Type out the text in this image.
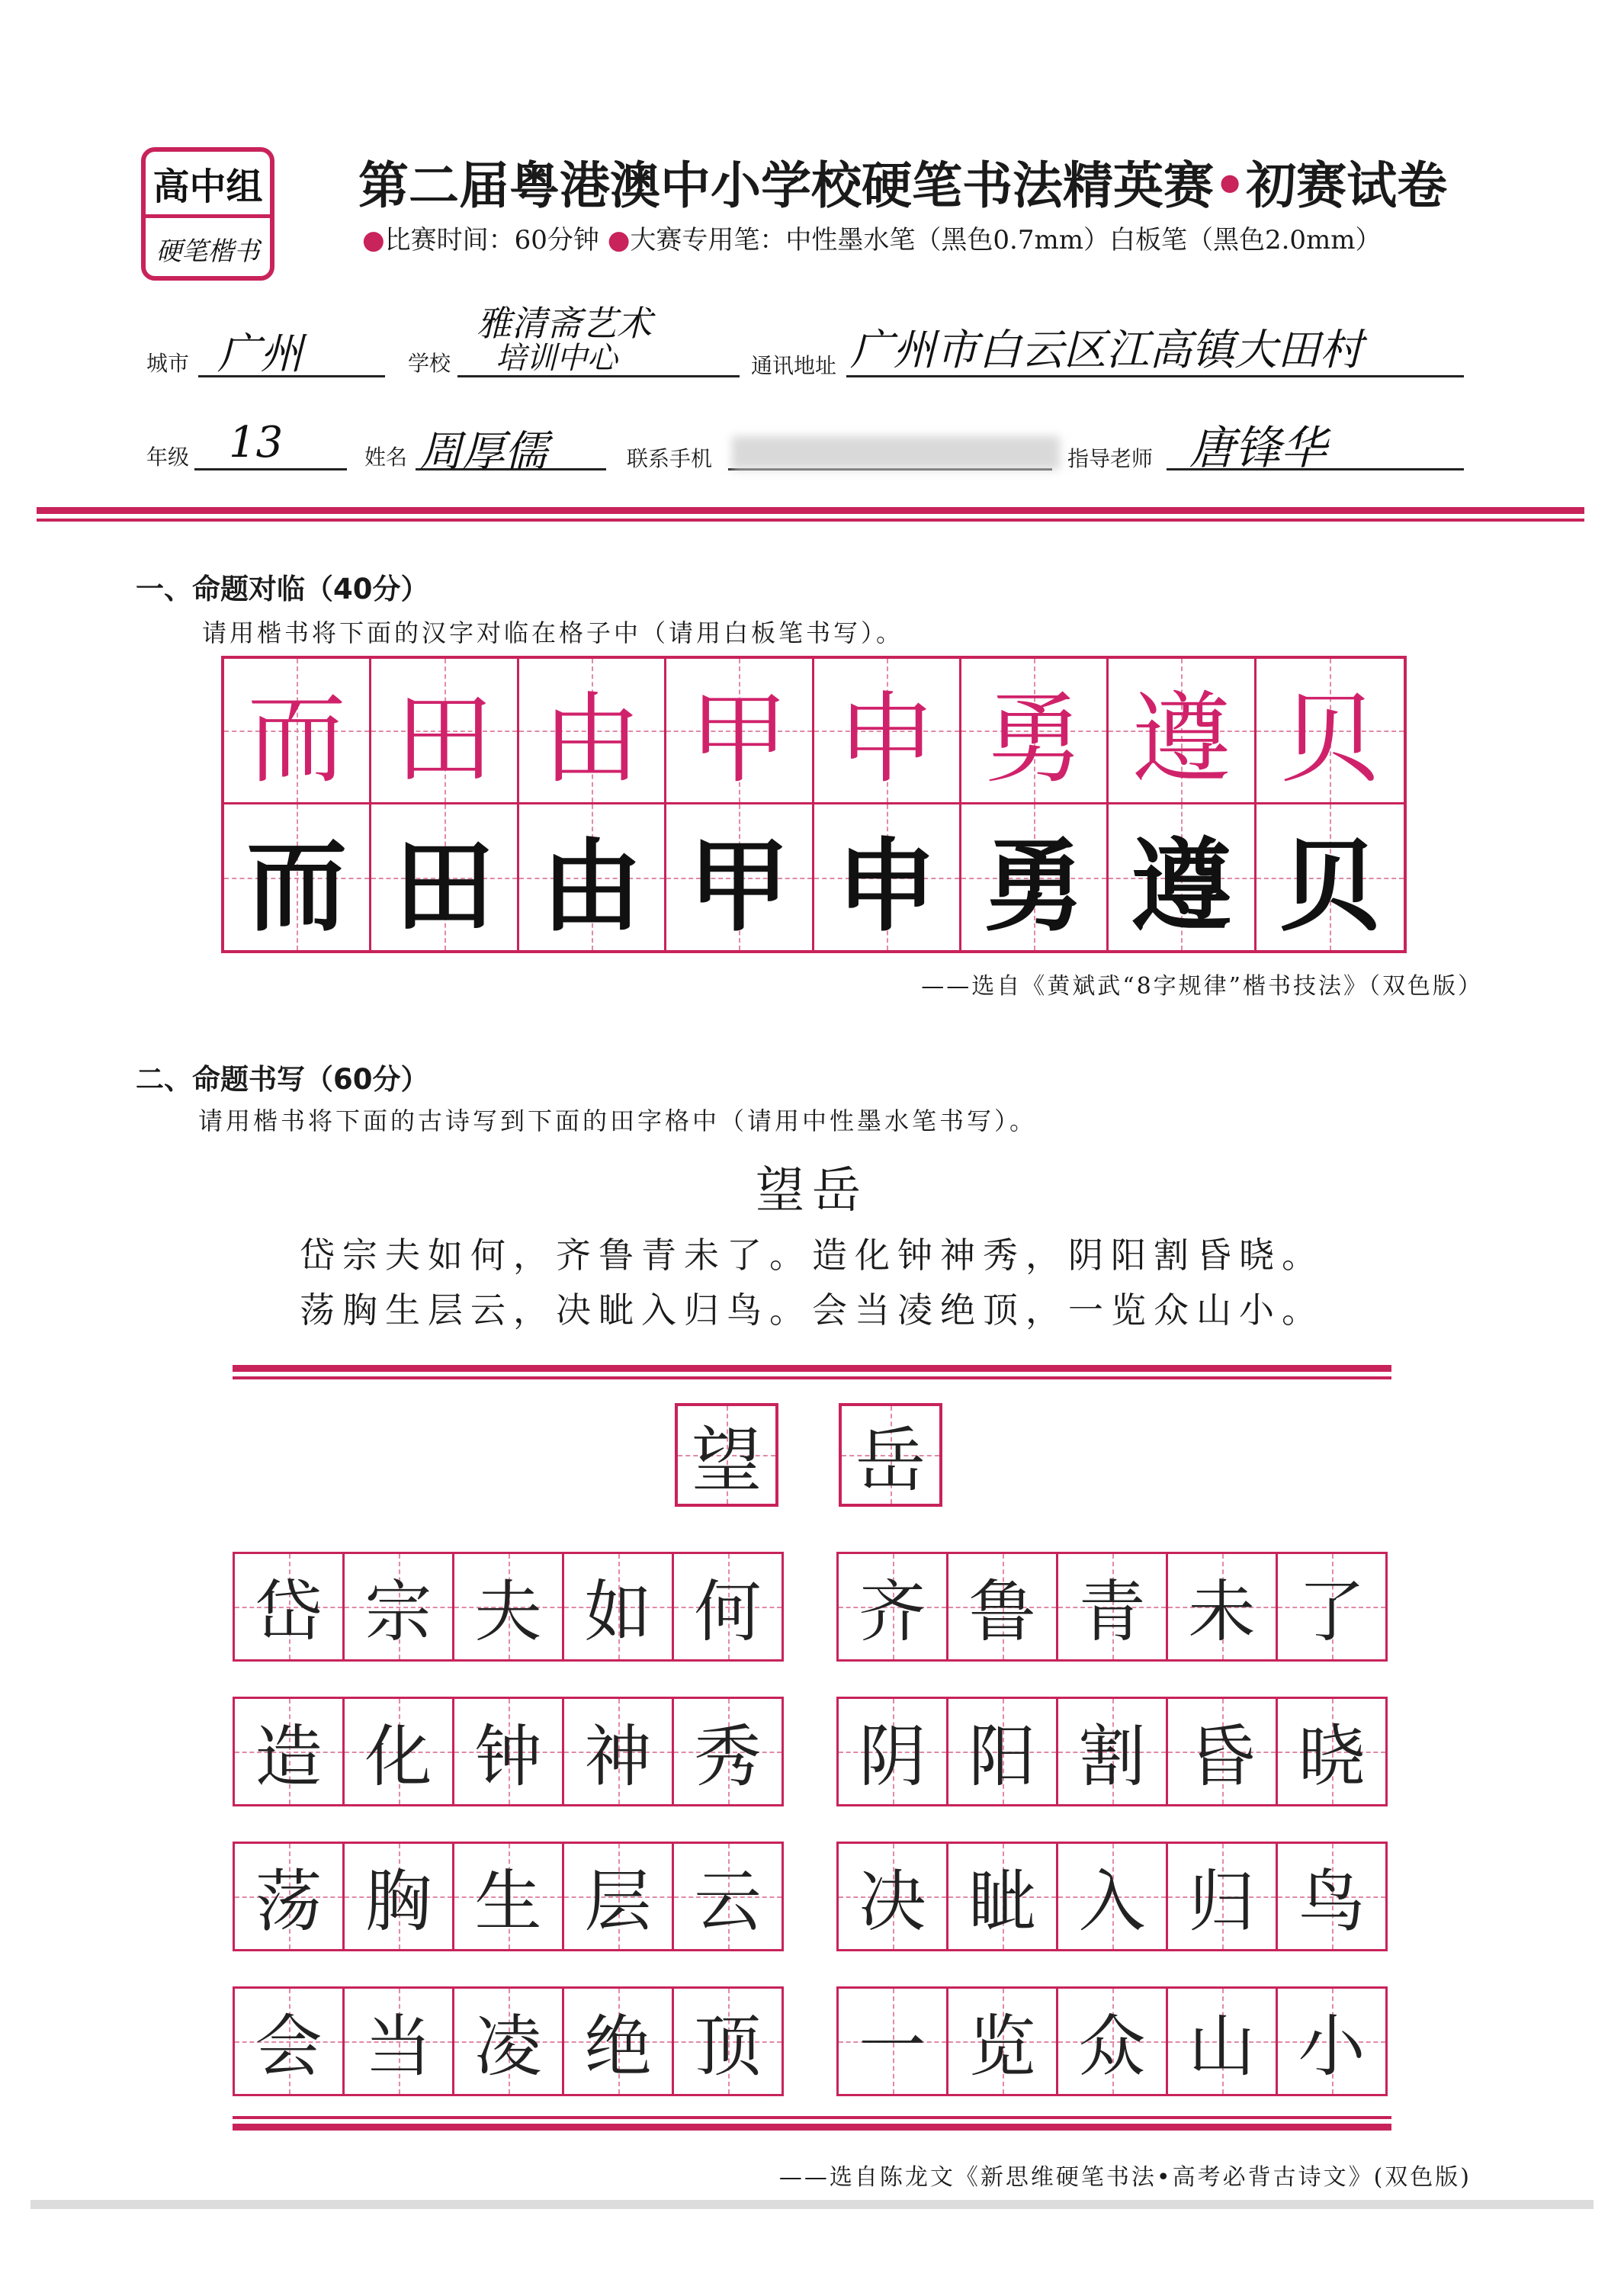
高中组
硬笔楷书
第二届粤港澳中小学校硬笔书法精英赛•初赛试卷
●比赛时间：60分钟 ●大赛专用笔：中性墨水笔（黑色0.7mm）白板笔（黑色2.0mm）
城市 广州	学校
雅清斋艺术
培训中心	通讯地址 广州市白云区江高镇大田村
年级 13	姓名 周厚儒	联系手机	指导老师 唐锋华
一、命题对临（40分）
请用楷书将下面的汉字对临在格子中（请用白板笔书写）。
而 田 由 甲 申 勇 遵 贝
而 田 由 甲 申 勇 遵 贝
——选自《黄斌武“8字规律”楷书技法》（双色版）
二、命题书写（60分）
请用楷书将下面的古诗写到下面的田字格中（请用中性墨水笔书写）。
望岳
岱宗夫如何，齐鲁青未了。造化钟神秀，阴阳割昏晓。
荡胸生层云，决眦入归鸟。会当凌绝顶，一览众山小。
望 岳
岱 宗 夫 如 何 齐 鲁 青 未 了
造 化 钟 神 秀 阴 阳 割 昏 晓
荡 胸 生 层 云 决 眦 入 归 鸟
会 当 凌 绝 顶 一 览 众 山 小
——选自陈龙文《新思维硬笔书法•高考必背古诗文》(双色版)
